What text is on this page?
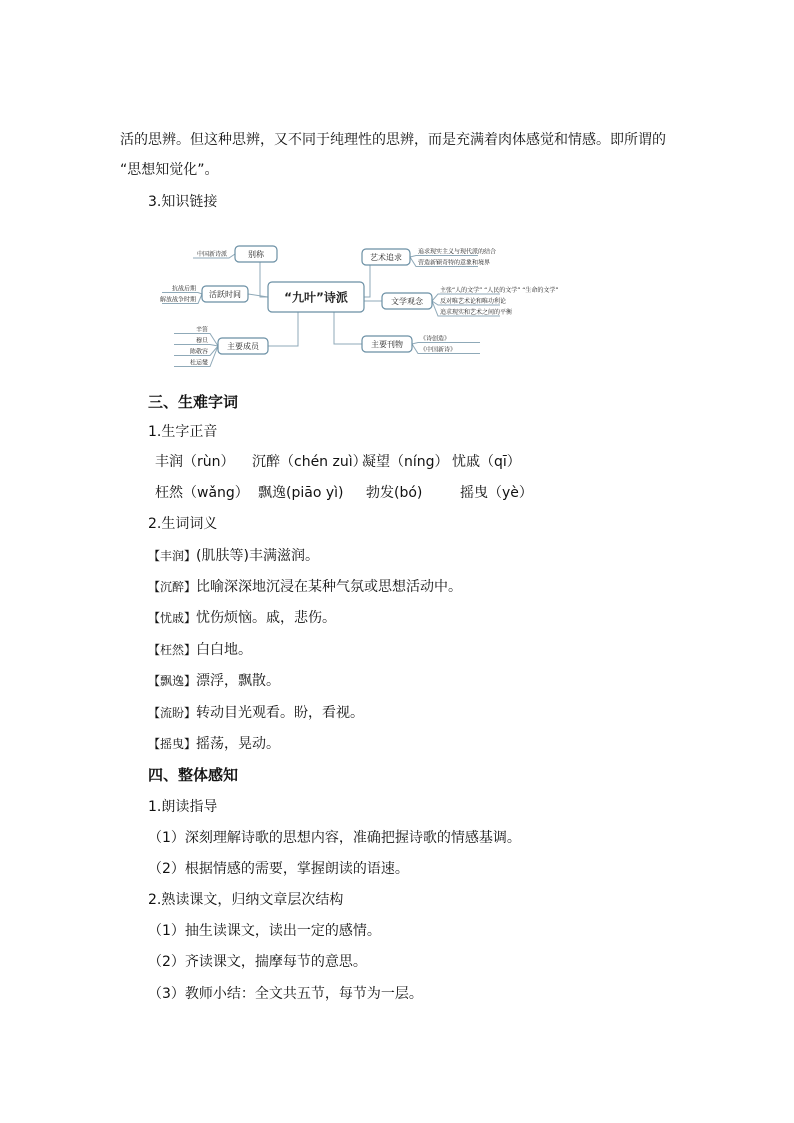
活的思辨。但这种思辨，又不同于纯理性的思辨，而是充满着肉体感觉和情感。即所谓的
“思想知觉化”。
3.知识链接
中国新诗派
抗战后期
解放战争时期
辛笛
穆旦
陈敬容
杜运燮
追求现实主义与现代派的结合
营造新颖奇特的意象和境界
主张“人的文学” “人民的文学” “生命的文学”
反对唯艺术论和唯功利论
追求现实和艺术之间的平衡
《诗创造》
《中国新诗》
“九叶”诗派
别称
活跃时间
主要成员
艺术追求
文学观念
主要刊物
三、生难字词
1.生字正音
丰润（rùn） 沉醉（chén zuì）
凝望（níng） 忧戚（qī）
枉然（wǎng） 飘逸(piāo yì) 勃发(bó)	摇曳（yè）
2.生词词义
【丰润】(肌肤等)丰满滋润。
【沉醉】比喻深深地沉浸在某种气氛或思想活动中。
【忧戚】忧伤烦恼。戚，悲伤。
【枉然】白白地。
【飘逸】漂浮，飘散。
【流盼】转动目光观看。盼，看视。
【摇曳】摇荡，晃动。
四、整体感知
1.朗读指导
（1）深刻理解诗歌的思想内容，准确把握诗歌的情感基调。
（2）根据情感的需要，掌握朗读的语速。
2.熟读课文，归纳文章层次结构
（1）抽生读课文，读出一定的感情。
（2）齐读课文，揣摩每节的意思。
（3）教师小结：全文共五节，每节为一层。
